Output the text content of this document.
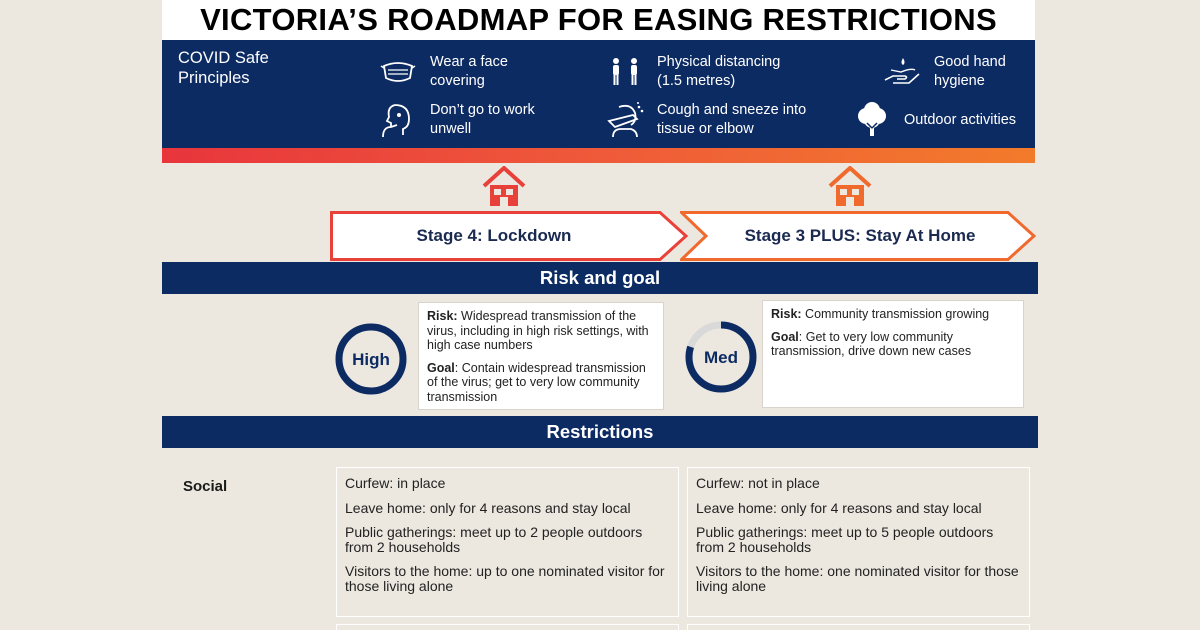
VICTORIA’S ROADMAP FOR EASING RESTRICTIONS
COVID Safe Principles
Wear a face covering
Physical distancing (1.5 metres)
Good hand hygiene
Don’t go to work unwell
Cough and sneeze into tissue or elbow
Outdoor activities
Stage 4: Lockdown	Stage 3 PLUS: Stay At Home
Risk and goal
High

Risk: Widespread transmission of the virus, including in high risk settings, with high case numbers

Goal: Contain widespread transmission of the virus; get to very low community transmission

Med

Risk: Community transmission growing

Goal: Get to very low community transmission, drive down new cases

Restrictions
Social	Curfew: in place

Leave home: only for 4 reasons and stay local

Public gatherings: meet up to 2 people outdoors from 2 households

Visitors to the home: up to one nominated visitor for those living alone

Curfew: not in place

Leave home: only for 4 reasons and stay local

Public gatherings: meet up to 5 people outdoors from 2 households

Visitors to the home: one nominated visitor for those living alone
